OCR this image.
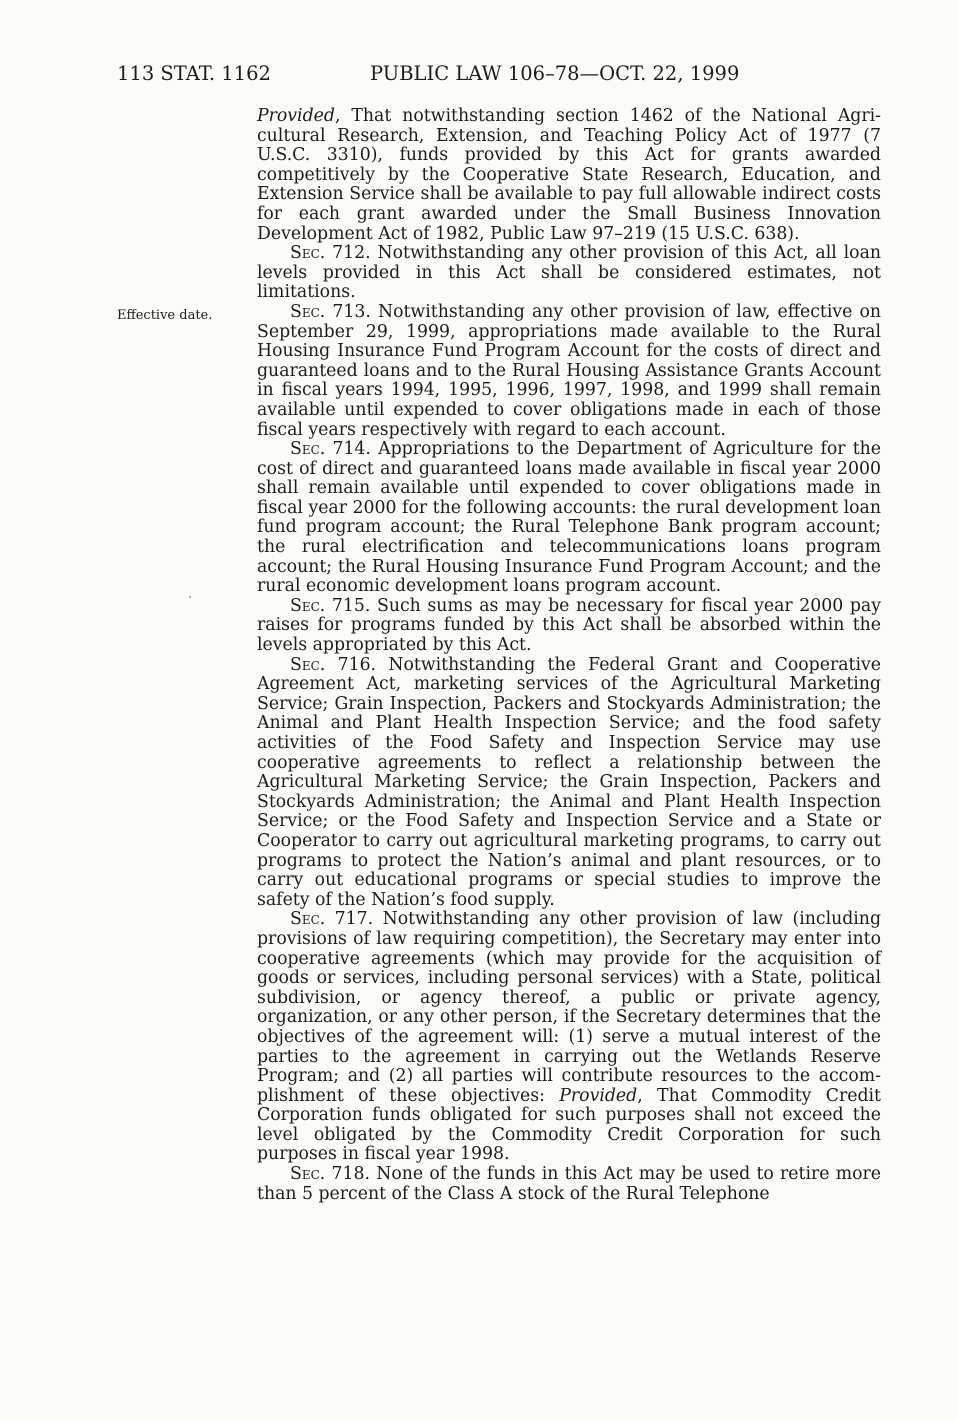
113 STAT. 1162	PUBLIC LAW 106–78—OCT. 22, 1999
Effective date.

Provided, That notwithstanding section 1462 of the National Agricultural Research, Extension, and Teaching Policy Act of 1977 (7 U.S.C. 3310), funds provided by this Act for grants awarded competitively by the Cooperative State Research, Education, and Extension Service shall be available to pay full allowable indirect costs for each grant awarded under the Small Business Innovation Development Act of 1982, Public Law 97–219 (15 U.S.C. 638).

Sec. 712. Notwithstanding any other provision of this Act, all loan levels provided in this Act shall be considered estimates, not limitations.

Sec. 713. Notwithstanding any other provision of law, effective on September 29, 1999, appropriations made available to the Rural Housing Insurance Fund Program Account for the costs of direct and guaranteed loans and to the Rural Housing Assistance Grants Account in fiscal years 1994, 1995, 1996, 1997, 1998, and 1999 shall remain available until expended to cover obligations made in each of those fiscal years respectively with regard to each account.

Sec. 714. Appropriations to the Department of Agriculture for the cost of direct and guaranteed loans made available in fiscal year 2000 shall remain available until expended to cover obligations made in fiscal year 2000 for the following accounts: the rural development loan fund program account; the Rural Telephone Bank program account; the rural electrification and telecommunications loans program account; the Rural Housing Insurance Fund Program Account; and the rural economic development loans program account.

Sec. 715. Such sums as may be necessary for fiscal year 2000 pay raises for programs funded by this Act shall be absorbed within the levels appropriated by this Act.

Sec. 716. Notwithstanding the Federal Grant and Cooperative Agreement Act, marketing services of the Agricultural Marketing Service; Grain Inspection, Packers and Stockyards Administration; the Animal and Plant Health Inspection Service; and the food safety activities of the Food Safety and Inspection Service may use cooperative agreements to reflect a relationship between the Agricultural Marketing Service; the Grain Inspection, Packers and Stockyards Administration; the Animal and Plant Health Inspection Service; or the Food Safety and Inspection Service and a State or Cooperator to carry out agricultural marketing programs, to carry out programs to protect the Nation’s animal and plant resources, or to carry out educational programs or special studies to improve the safety of the Nation’s food supply.

Sec. 717. Notwithstanding any other provision of law (including provisions of law requiring competition), the Secretary may enter into cooperative agreements (which may provide for the acquisition of goods or services, including personal services) with a State, political subdivision, or agency thereof, a public or private agency, organization, or any other person, if the Secretary determines that the objectives of the agreement will: (1) serve a mutual interest of the parties to the agreement in carrying out the Wetlands Reserve Program; and (2) all parties will contribute resources to the accomplishment of these objectives: Provided, That Commodity Credit Corporation funds obligated for such purposes shall not exceed the level obligated by the Commodity Credit Corporation for such purposes in fiscal year 1998.

Sec. 718. None of the funds in this Act may be used to retire more than 5 percent of the Class A stock of the Rural Telephone
